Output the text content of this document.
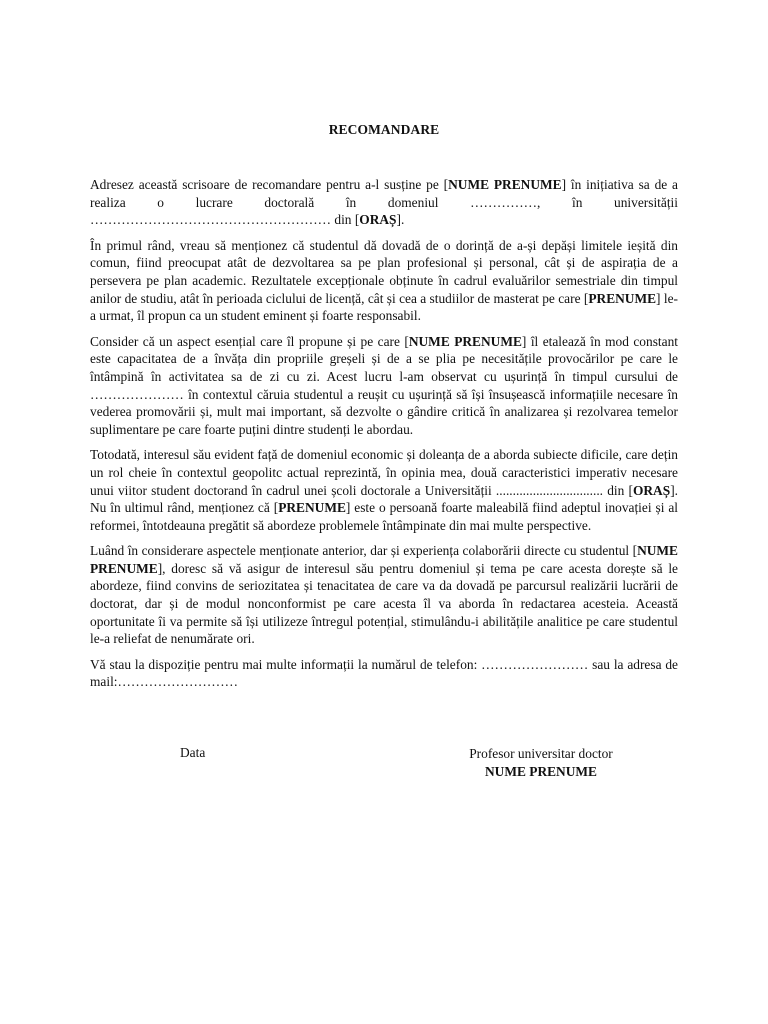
RECOMANDARE

Adresez această scrisoare de recomandare pentru a-l susține pe [NUME PRENUME] în inițiativa sa de a realiza o lucrare doctorală în domeniul ……………, în universității ……………………………………………… din [ORAȘ].

În primul rând, vreau să menționez că studentul dă dovadă de o dorință de a-și depăși limitele ieșită din comun, fiind preocupat atât de dezvoltarea sa pe plan profesional și personal, cât și de aspirația de a persevera pe plan academic. Rezultatele excepționale obținute în cadrul evaluărilor semestriale din timpul anilor de studiu, atât în perioada ciclului de licență, cât și cea a studiilor de masterat pe care [PRENUME] le-a urmat, îl propun ca un student eminent și foarte responsabil.

Consider că un aspect esențial care îl propune și pe care [NUME PRENUME] îl etalează în mod constant este capacitatea de a învăța din propriile greșeli și de a se plia pe necesitățile provocărilor pe care le întâmpină în activitatea sa de zi cu zi. Acest lucru l-am observat cu ușurință în timpul cursului de ………………… în contextul căruia studentul a reușit cu ușurință să își însușească informațiile necesare în vederea promovării și, mult mai important, să dezvolte o gândire critică în analizarea și rezolvarea temelor suplimentare pe care foarte puțini dintre studenți le abordau.

Totodată, interesul său evident față de domeniul economic și doleanța de a aborda subiecte dificile, care dețin un rol cheie în contextul geopolitc actual reprezintă, în opinia mea, două caracteristici imperativ necesare unui viitor student doctorand în cadrul unei școli doctorale a Universității ................................ din [ORAȘ]. Nu în ultimul rând, menționez că [PRENUME] este o persoană foarte maleabilă fiind adeptul inovației și al reformei, întotdeauna pregătit să abordeze problemele întâmpinate din mai multe perspective.

Luând în considerare aspectele menționate anterior, dar și experiența colaborării directe cu studentul [NUME PRENUME], doresc să vă asigur de interesul său pentru domeniul și tema pe care acesta dorește să le abordeze, fiind convins de seriozitatea și tenacitatea de care va da dovadă pe parcursul realizării lucrării de doctorat, dar și de modul nonconformist pe care acesta îl va aborda în redactarea acesteia. Această oportunitate îi va permite să își utilizeze întregul potențial, stimulându-i abilitățile analitice pe care studentul le-a reliefat de nenumărate ori.

Vă stau la dispoziție pentru mai multe informații la numărul de telefon: …………………… sau la adresa de mail:………………………

Data	Profesor universitar doctor
NUME PRENUME
